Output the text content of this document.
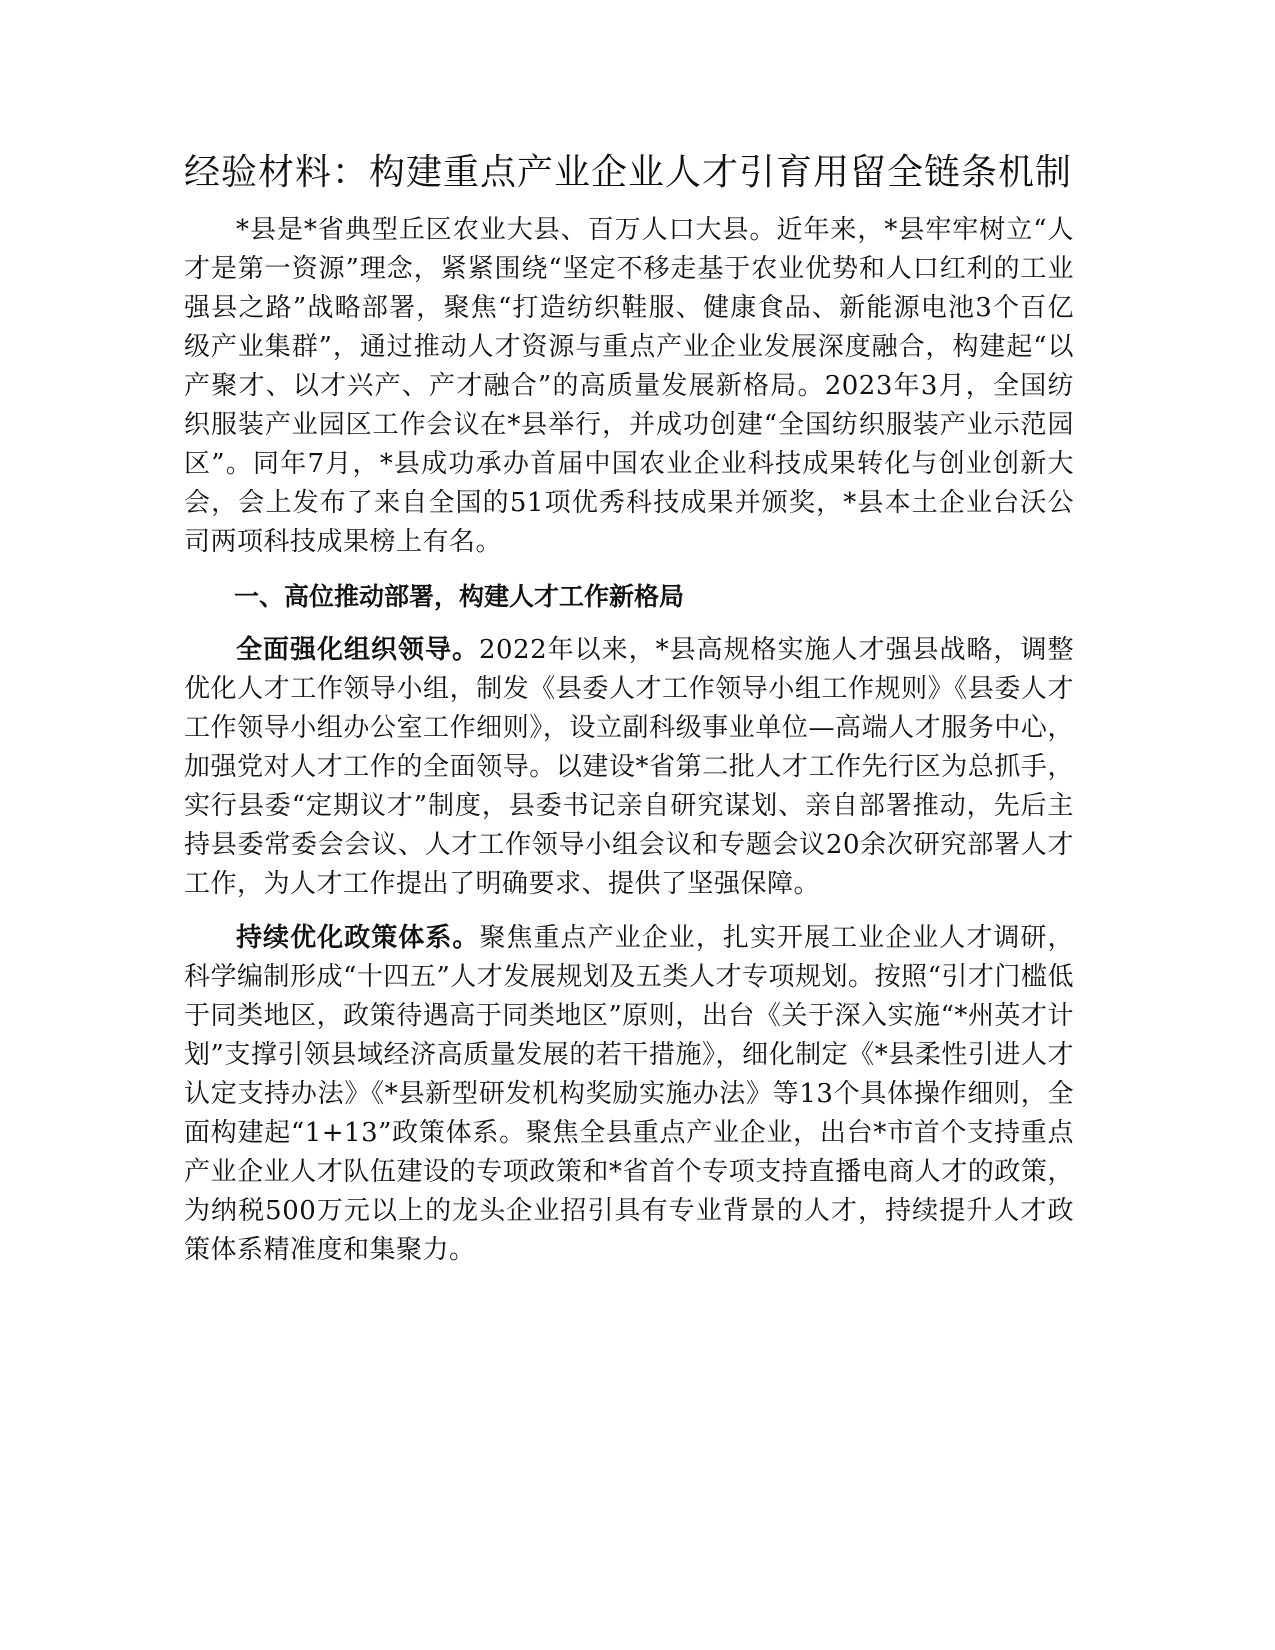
经验材料：构建重点产业企业人才引育用留全链条机制

*县是*省典型丘区农业大县、百万人口大县。近年来，*县牢牢树立“人才是第一资源”理念，紧紧围绕“坚定不移走基于农业优势和人口红利的工业强县之路”战略部署，聚焦“打造纺织鞋服、健康食品、新能源电池3个百亿级产业集群”，通过推动人才资源与重点产业企业发展深度融合，构建起“以产聚才、以才兴产、产才融合”的高质量发展新格局。2023年3月，全国纺织服装产业园区工作会议在*县举行，并成功创建“全国纺织服装产业示范园区”。同年7月，*县成功承办首届中国农业企业科技成果转化与创业创新大会，会上发布了来自全国的51项优秀科技成果并颁奖，*县本土企业台沃公司两项科技成果榜上有名。

一、高位推动部署，构建人才工作新格局

全面强化组织领导。2022年以来，*县高规格实施人才强县战略，调整优化人才工作领导小组，制发《县委人才工作领导小组工作规则》《县委人才工作领导小组办公室工作细则》，设立副科级事业单位—高端人才服务中心，加强党对人才工作的全面领导。以建设*省第二批人才工作先行区为总抓手，实行县委“定期议才”制度，县委书记亲自研究谋划、亲自部署推动，先后主持县委常委会会议、人才工作领导小组会议和专题会议20余次研究部署人才工作，为人才工作提出了明确要求、提供了坚强保障。

持续优化政策体系。聚焦重点产业企业，扎实开展工业企业人才调研，科学编制形成“十四五”人才发展规划及五类人才专项规划。按照“引才门槛低于同类地区，政策待遇高于同类地区”原则，出台《关于深入实施“*州英才计划”支撑引领县域经济高质量发展的若干措施》，细化制定《*县柔性引进人才认定支持办法》《*县新型研发机构奖励实施办法》等13个具体操作细则，全面构建起“1+13”政策体系。聚焦全县重点产业企业，出台*市首个支持重点产业企业人才队伍建设的专项政策和*省首个专项支持直播电商人才的政策，为纳税500万元以上的龙头企业招引具有专业背景的人才，持续提升人才政策体系精准度和集聚力。
